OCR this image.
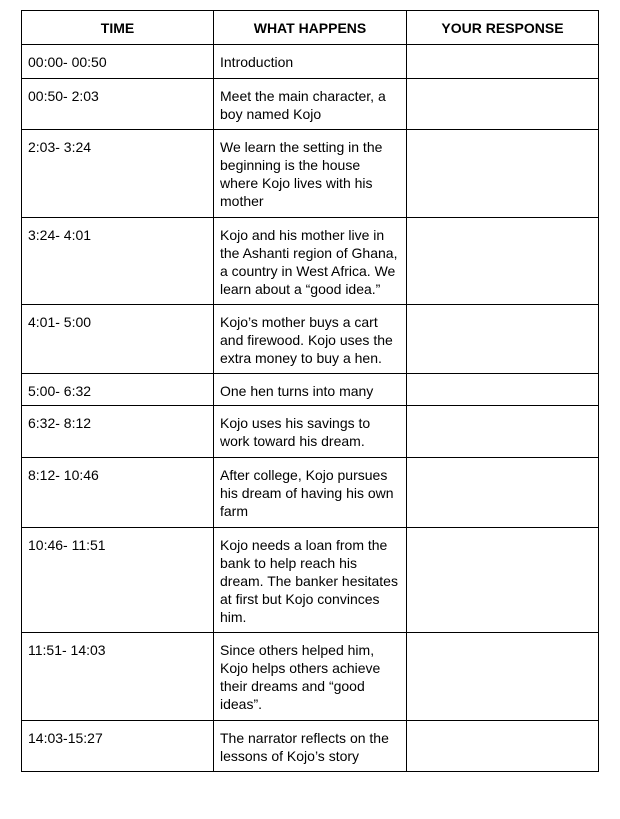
TIME	WHAT HAPPENS	YOUR RESPONSE
00:00- 00:50	Introduction	
00:50- 2:03	Meet the main character, a boy named Kojo	
2:03- 3:24	We learn the setting in the beginning is the house where Kojo lives with his mother	
3:24- 4:01	Kojo and his mother live in the Ashanti region of Ghana, a country in West Africa. We learn about a “good idea.”	
4:01- 5:00	Kojo’s mother buys a cart and firewood. Kojo uses the extra money to buy a hen.	
5:00- 6:32	One hen turns into many	
6:32- 8:12	Kojo uses his savings to work toward his dream.	
8:12- 10:46	After college, Kojo pursues his dream of having his own farm	
10:46- 11:51	Kojo needs a loan from the bank to help reach his dream. The banker hesitates at first but Kojo convinces him.	
11:51- 14:03	Since others helped him, Kojo helps others achieve their dreams and “good ideas”.	
14:03-15:27	The narrator reflects on the lessons of Kojo’s story	
